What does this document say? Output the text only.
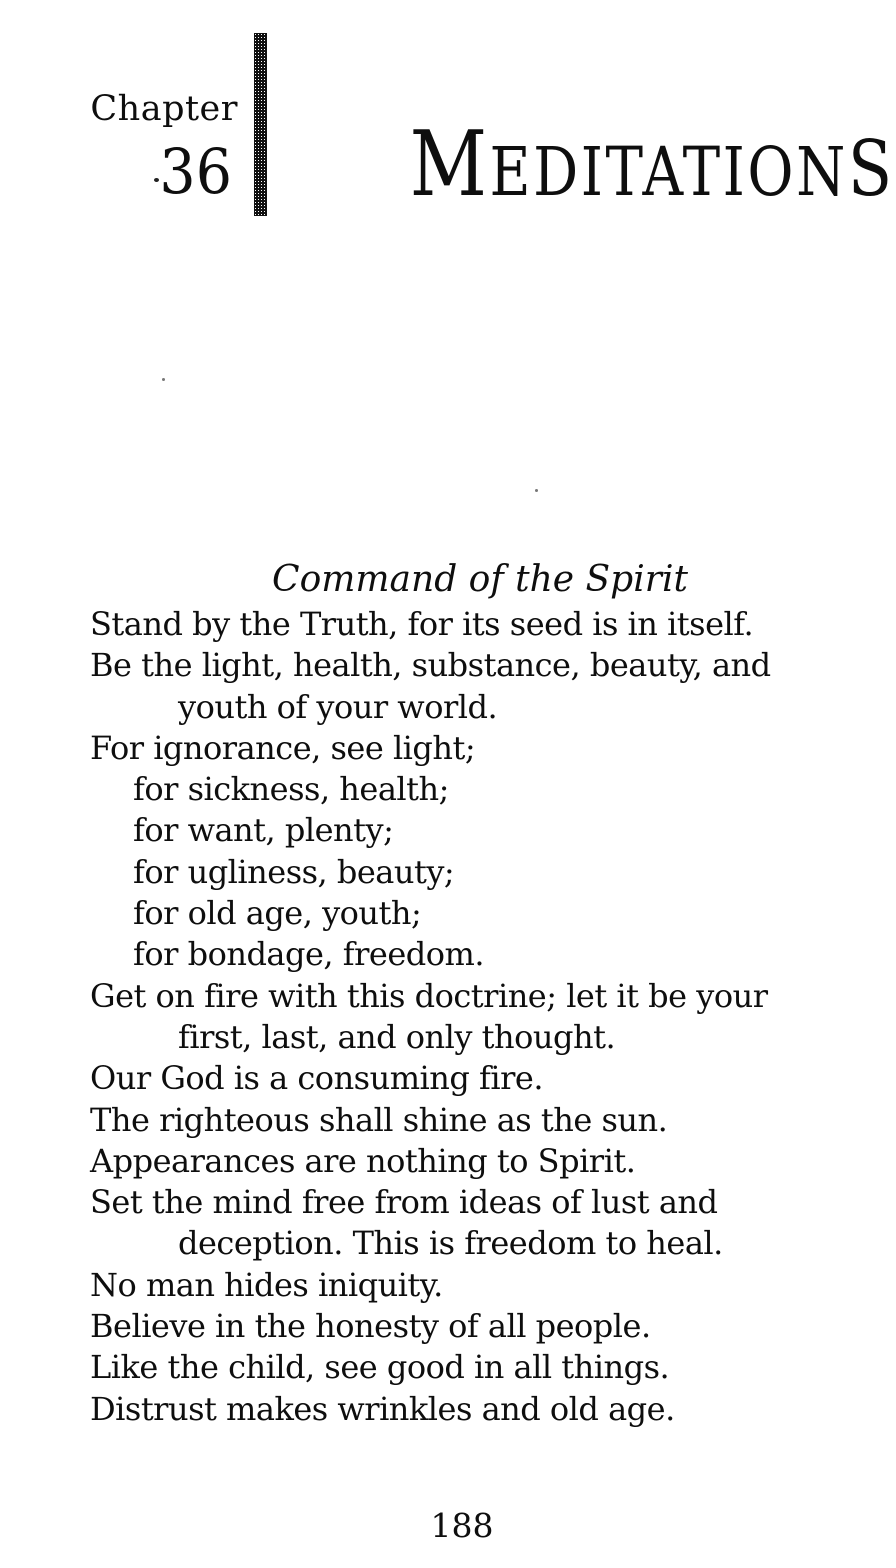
Chapter
36 MEDITATIONS
Command of the Spirit
Stand by the Truth, for its seed is in itself.
Be the light, health, substance, beauty, and
youth of your world.
For ignorance, see light;
for sickness, health;
for want, plenty;
for ugliness, beauty;
for old age, youth;
for bondage, freedom.
Get on fire with this doctrine; let it be your
first, last, and only thought.
Our God is a consuming fire.
The righteous shall shine as the sun.
Appearances are nothing to Spirit.
Set the mind free from ideas of lust and
deception. This is freedom to heal.
No man hides iniquity.
Believe in the honesty of all people.
Like the child, see good in all things.
Distrust makes wrinkles and old age.
188
